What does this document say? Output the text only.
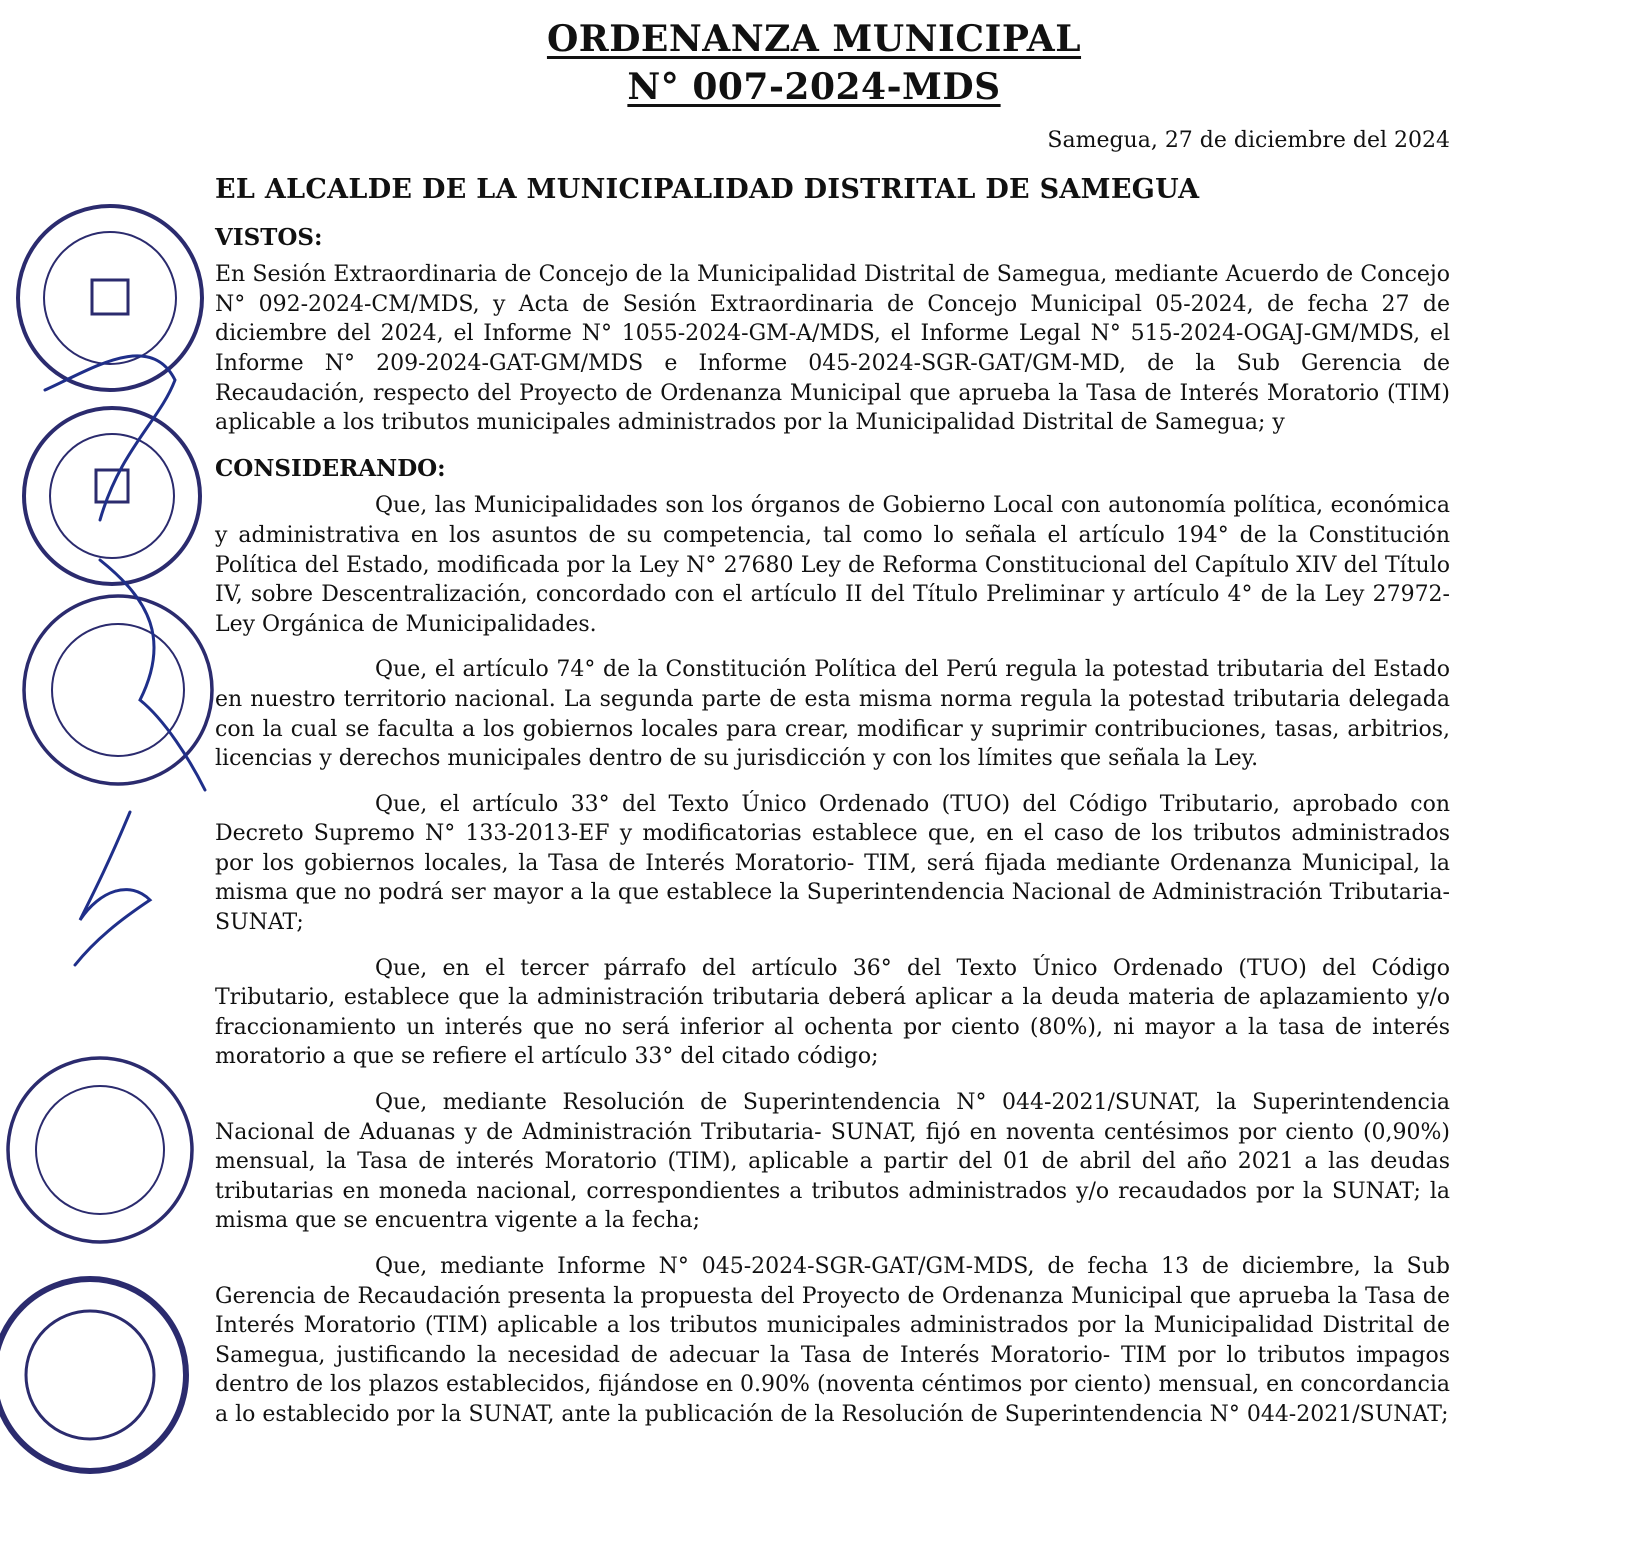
ORDENANZA MUNICIPAL
N° 007-2024-MDS
Samegua, 27 de diciembre del 2024
EL ALCALDE DE LA MUNICIPALIDAD DISTRITAL DE SAMEGUA
VISTOS:
En Sesión Extraordinaria de Concejo de la Municipalidad Distrital de Samegua, mediante Acuerdo de Concejo N° 092-2024-CM/MDS, y Acta de Sesión Extraordinaria de Concejo Municipal 05-2024, de fecha 27 de diciembre del 2024, el Informe N° 1055-2024-GM-A/MDS, el Informe Legal N° 515-2024-OGAJ-GM/MDS, el Informe N° 209-2024-GAT-GM/MDS e Informe 045-2024-SGR-GAT/GM-MD, de la Sub Gerencia de Recaudación, respecto del Proyecto de Ordenanza Municipal que aprueba la Tasa de Interés Moratorio (TIM) aplicable a los tributos municipales administrados por la Municipalidad Distrital de Samegua; y
CONSIDERANDO:
Que, las Municipalidades son los órganos de Gobierno Local con autonomía política, económica y administrativa en los asuntos de su competencia, tal como lo señala el artículo 194° de la Constitución Política del Estado, modificada por la Ley N° 27680 Ley de Reforma Constitucional del Capítulo XIV del Título IV, sobre Descentralización, concordado con el artículo II del Título Preliminar y artículo 4° de la Ley 27972-Ley Orgánica de Municipalidades.
Que, el artículo 74° de la Constitución Política del Perú regula la potestad tributaria del Estado en nuestro territorio nacional. La segunda parte de esta misma norma regula la potestad tributaria delegada con la cual se faculta a los gobiernos locales para crear, modificar y suprimir contribuciones, tasas, arbitrios, licencias y derechos municipales dentro de su jurisdicción y con los límites que señala la Ley.
Que, el artículo 33° del Texto Único Ordenado (TUO) del Código Tributario, aprobado con Decreto Supremo N° 133-2013-EF y modificatorias establece que, en el caso de los tributos administrados por los gobiernos locales, la Tasa de Interés Moratorio- TIM, será fijada mediante Ordenanza Municipal, la misma que no podrá ser mayor a la que establece la Superintendencia Nacional de Administración Tributaria-SUNAT;
Que, en el tercer párrafo del artículo 36° del Texto Único Ordenado (TUO) del Código Tributario, establece que la administración tributaria deberá aplicar a la deuda materia de aplazamiento y/o fraccionamiento un interés que no será inferior al ochenta por ciento (80%), ni mayor a la tasa de interés moratorio a que se refiere el artículo 33° del citado código;
Que, mediante Resolución de Superintendencia N° 044-2021/SUNAT, la Superintendencia Nacional de Aduanas y de Administración Tributaria- SUNAT, fijó en noventa centésimos por ciento (0,90%) mensual, la Tasa de interés Moratorio (TIM), aplicable a partir del 01 de abril del año 2021 a las deudas tributarias en moneda nacional, correspondientes a tributos administrados y/o recaudados por la SUNAT; la misma que se encuentra vigente a la fecha;
Que, mediante Informe N° 045-2024-SGR-GAT/GM-MDS, de fecha 13 de diciembre, la Sub Gerencia de Recaudación presenta la propuesta del Proyecto de Ordenanza Municipal que aprueba la Tasa de Interés Moratorio (TIM) aplicable a los tributos municipales administrados por la Municipalidad Distrital de Samegua, justificando la necesidad de adecuar la Tasa de Interés Moratorio- TIM por lo tributos impagos dentro de los plazos establecidos, fijándose en 0.90% (noventa céntimos por ciento) mensual, en concordancia a lo establecido por la SUNAT, ante la publicación de la Resolución de Superintendencia N° 044-2021/SUNAT;
